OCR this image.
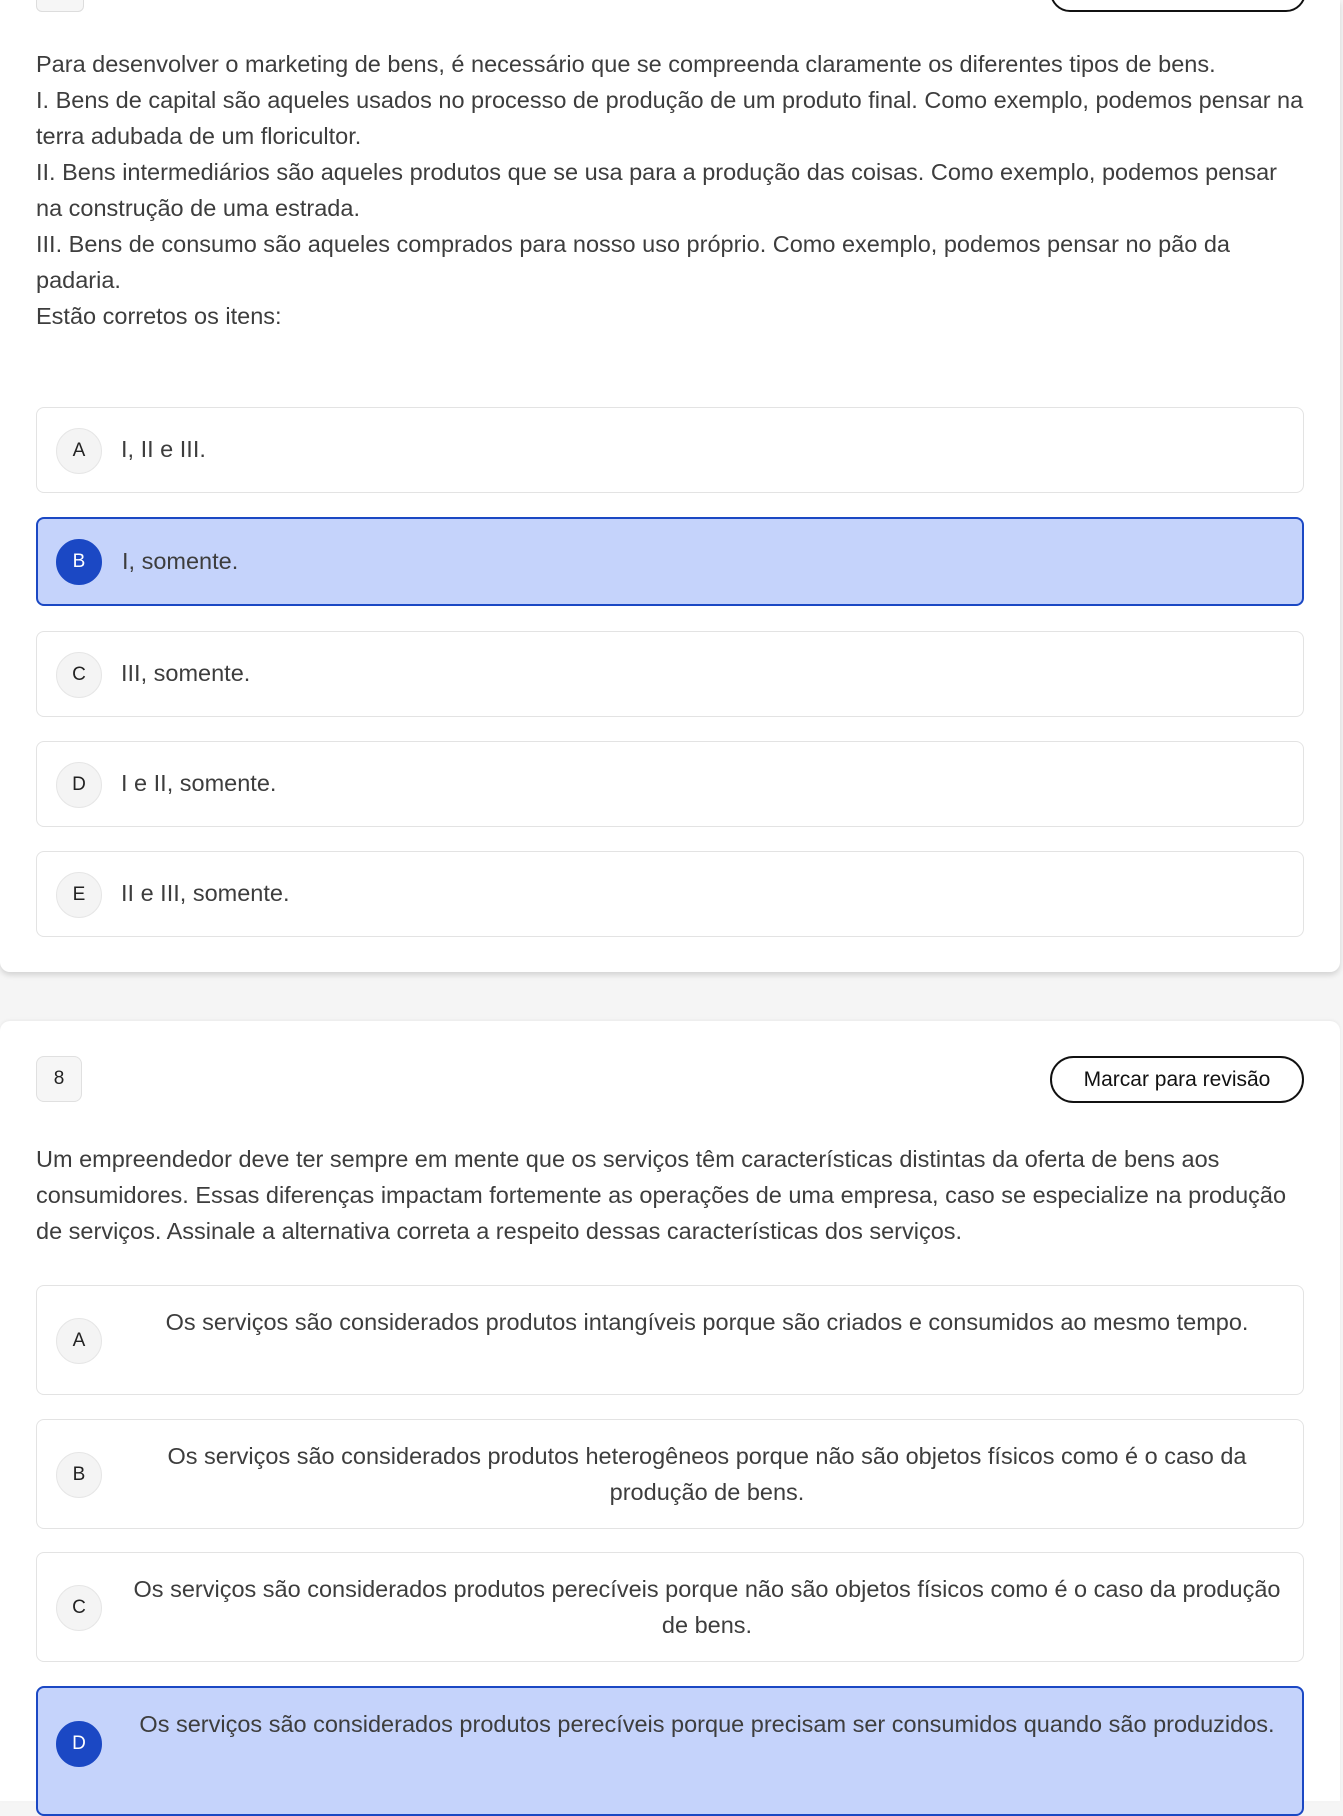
Para desenvolver o marketing de bens, é necessário que se compreenda claramente os diferentes tipos de bens.

I. Bens de capital são aqueles usados no processo de produção de um produto final. Como exemplo, podemos pensar na terra adubada de um floricultor.

II. Bens intermediários são aqueles produtos que se usa para a produção das coisas. Como exemplo, podemos pensar na construção de uma estrada.

III. Bens de consumo são aqueles comprados para nosso uso próprio. Como exemplo, podemos pensar no pão da padaria.

Estão corretos os itens:

A	I, II e III.
B	I, somente.
C	III, somente.
D	I e II, somente.
E	II e III, somente.
8	Marcar para revisão

Um empreendedor deve ter sempre em mente que os serviços têm características distintas da oferta de bens aos consumidores. Essas diferenças impactam fortemente as operações de uma empresa, caso se especialize na produção de serviços. Assinale a alternativa correta a respeito dessas características dos serviços.

A
Os serviços são considerados produtos intangíveis porque são criados e consumidos ao mesmo tempo.
B
Os serviços são considerados produtos heterogêneos porque não são objetos físicos como é o caso da produção de bens.
C
Os serviços são considerados produtos perecíveis porque não são objetos físicos como é o caso da produção de bens.
D
Os serviços são considerados produtos perecíveis porque precisam ser consumidos quando são produzidos.
